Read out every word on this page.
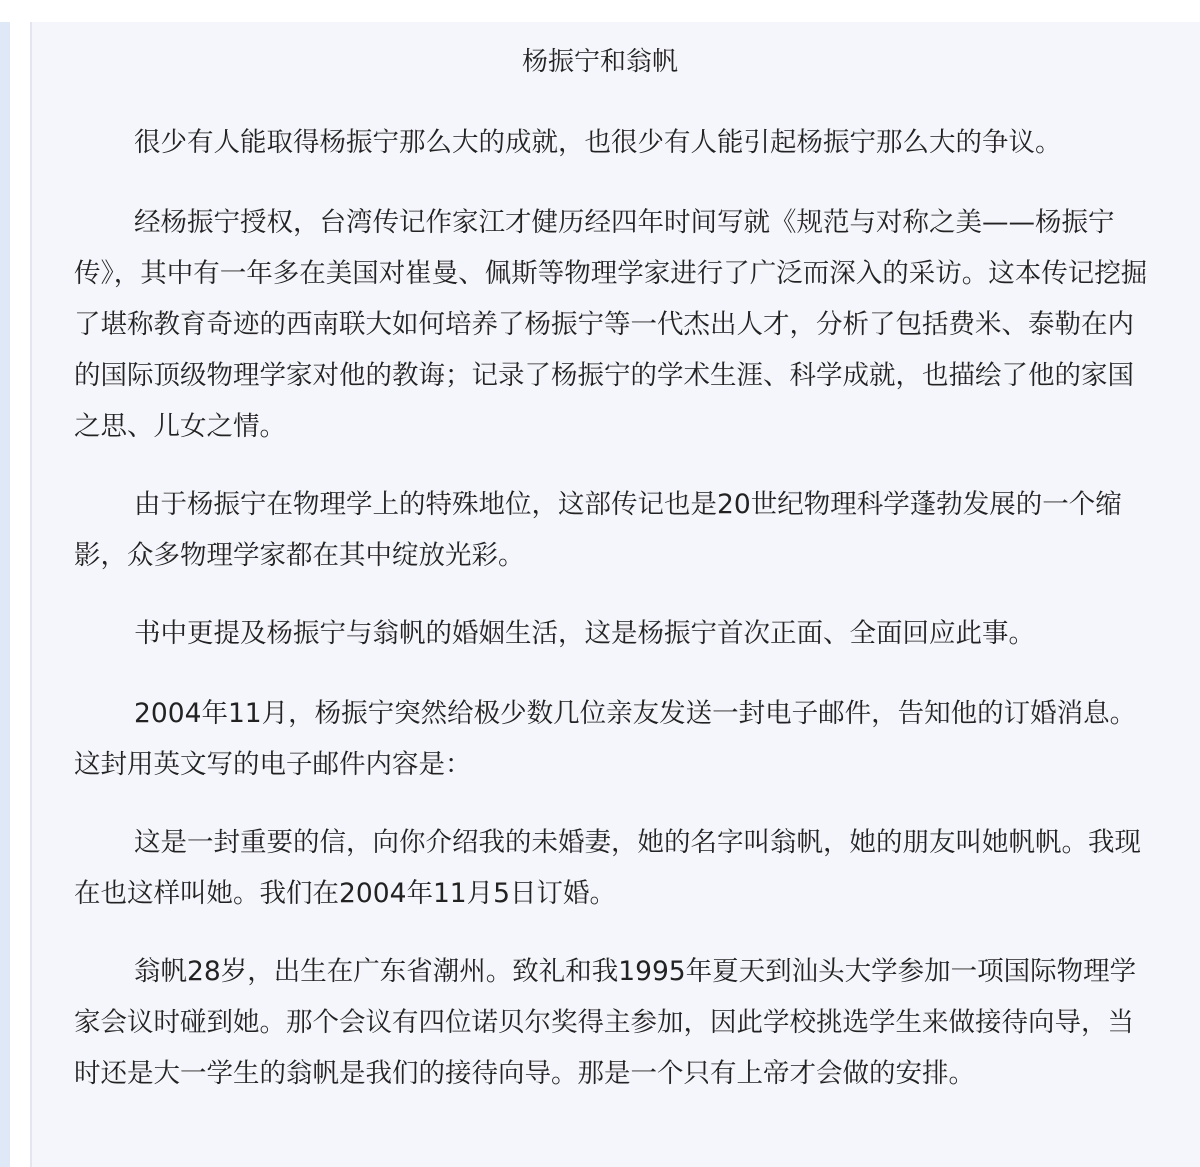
杨振宁和翁帆

很少有人能取得杨振宁那么大的成就，也很少有人能引起杨振宁那么大的争议。

经杨振宁授权，台湾传记作家江才健历经四年时间写就《规范与对称之美——杨振宁传》，其中有一年多在美国对崔曼、佩斯等物理学家进行了广泛而深入的采访。这本传记挖掘了堪称教育奇迹的西南联大如何培养了杨振宁等一代杰出人才，分析了包括费米、泰勒在内的国际顶级物理学家对他的教诲；记录了杨振宁的学术生涯、科学成就，也描绘了他的家国之思、儿女之情。

由于杨振宁在物理学上的特殊地位，这部传记也是20世纪物理科学蓬勃发展的一个缩影，众多物理学家都在其中绽放光彩。

书中更提及杨振宁与翁帆的婚姻生活，这是杨振宁首次正面、全面回应此事。

2004年11月，杨振宁突然给极少数几位亲友发送一封电子邮件，告知他的订婚消息。这封用英文写的电子邮件内容是：

这是一封重要的信，向你介绍我的未婚妻，她的名字叫翁帆，她的朋友叫她帆帆。我现在也这样叫她。我们在2004年11月5日订婚。

翁帆28岁，出生在广东省潮州。致礼和我1995年夏天到汕头大学参加一项国际物理学家会议时碰到她。那个会议有四位诺贝尔奖得主参加，因此学校挑选学生来做接待向导，当时还是大一学生的翁帆是我们的接待向导。那是一个只有上帝才会做的安排。
